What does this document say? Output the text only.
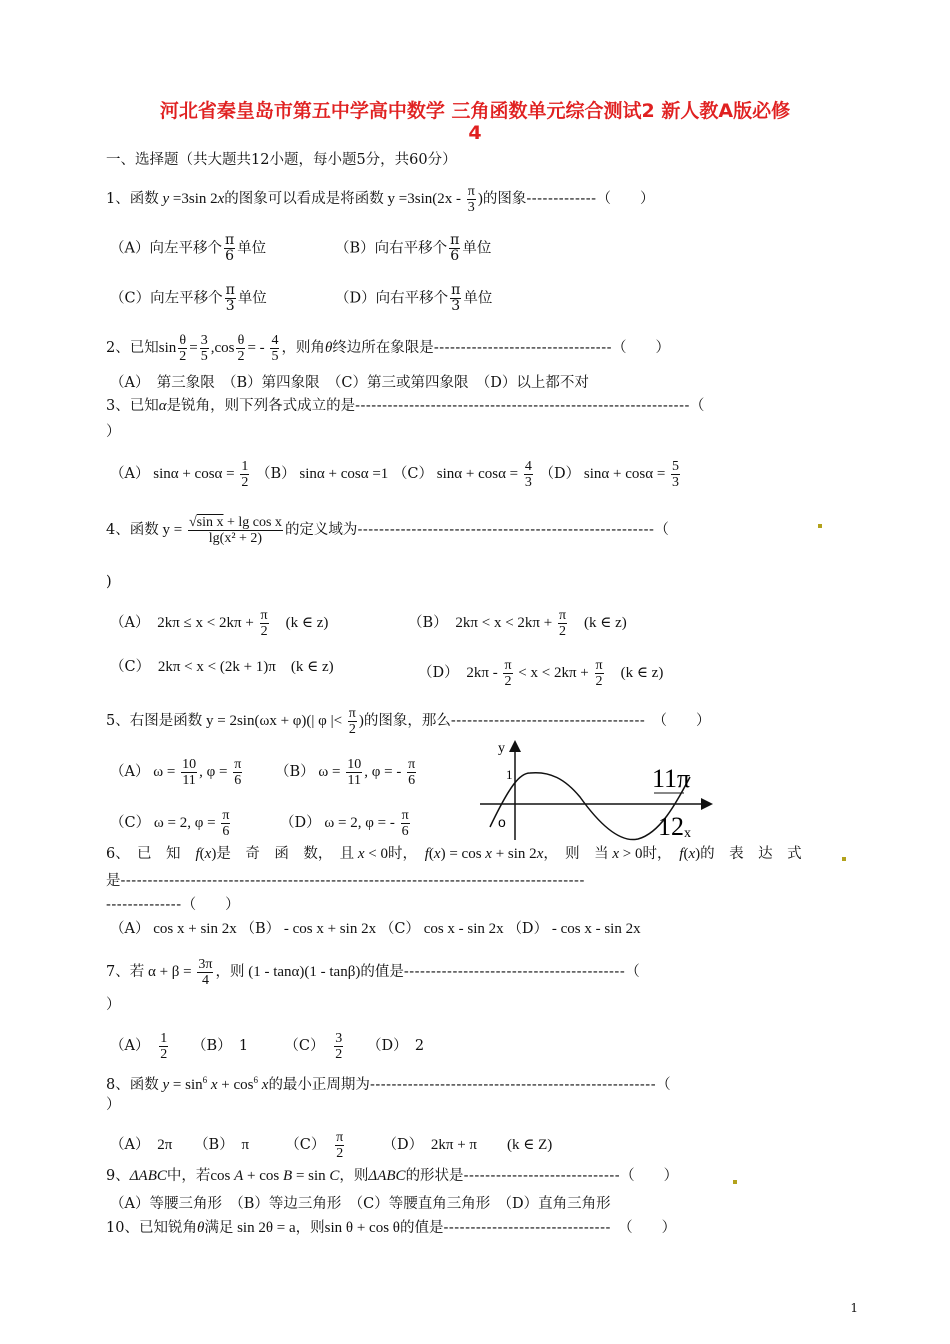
河北省秦皇岛市第五中学高中数学 三角函数单元综合测试2 新人教A版必修
4
一、选择题（共大题共12小题，每小题5分，共60分）
1、函数 y =3sin 2x的图象可以看成是将函数 $y =3\sin(2x - \frac{\pi}{3}$ )的图象-------------（　　）
（A）向左平移个 $\frac{\pi}{6}$ 单位	（B）向右平移个 $\frac{\pi}{6}$ 单位
（C）向左平移个 $\frac{\pi}{3}$ 单位	（D）向右平移个 $\frac{\pi}{3}$ 单位
2、已知$\sin \frac{\theta}{2} = \frac{3}{5} ,\cos \frac{\theta}{2}$ = - $\frac{4}{5}$ ，则角θ终边所在象限是---------------------------------（　　）
（A）　第三象限　 （B）第四象限　 （C）第三或第四象限　 （D）以上都不对
3、已知α是锐角，则下列各式成立的是--------------------------------------------------------------（
）
（A） $\sin\alpha + \cos\alpha = \frac{1}{2} (B) \sin\alpha + \cos\alpha =1$ （C） $\sin\alpha + \cos\alpha = \frac{4}{3} (D) \sin\alpha + \cos\alpha = \frac{5}{3}$
4、函数 $y = \frac{\text{√sin x + lg cos x}}{\text{lg(x² + 2)}}$ 的定义域为-------------------------------------------------------（
)
（A）　$2k\pi \le x < 2k\pi + \frac{\pi}{2}$ 　(k ∈ z)	（B）　$2k\pi < x < 2k\pi + \frac{\pi}{2}$ 　(k ∈ z)
（C）　2kπ < x < (2k + 1)π　(k ∈ z)	（D）　$2k\pi - \frac{\pi}{2} < x < 2k\pi + \frac{\pi}{2}$ 　(k ∈ z)
5、右图是函数 y = 2sin(ωx + φ)(| φ |< $\frac{\pi}{2}$ )的图象，那么------------------------------------　 （　　）
（A） $\omega = \frac{10}{11}$ , $\varphi = \frac{\pi}{6} (B) \omega = \frac{10}{11}$ , φ = - $\frac{\pi}{6}$
（C） ω = 2, $\varphi = \frac{\pi}{6}$	（D） ω = 2, φ = - $\frac{\pi}{6}$
y
1
o
x
11π
12
6、　已　知　 f(x)是　奇　函　数，　且 x < 0时，　 f(x) = cos x + sin 2x，　则　当 x > 0时，　 f(x)的　表　达　式
是--------------------------------------------------------------------------------------
--------------（　　）
（A） cos x + sin 2x （B） - cos x + sin 2x （C） cos x - sin 2x （D） - cos x - sin 2x
7、若 $\alpha + \beta = \frac{3\pi}{4}$ ，则 (1 - tanα)(1 - tanβ)的值是-----------------------------------------（
）
（A）　 $\frac{1}{2}$
　　 （B）　1　　　	（C）　 $\frac{3}{2}$
　　 （D）　2
8、函数 $y = \sin^6 x + \cos^6 x$的最小正周期为-----------------------------------------------------（
）
（A）　2π　　 （B）　π　　　	（C）　 $\frac{\pi}{2}$
　　　	（D）　2kπ + π　　(k ∈ Z)
9、ΔABC中，若cos A + cos B = sin C，则ΔABC的形状是-----------------------------（　　）
（A）等腰三角形　 （B）等边三角形　 （C）等腰直角三角形　 （D）直角三角形
10、已知锐角θ满足 sin 2θ = a，则sin θ + cos θ的值是-------------------------------　 （　　）
1
